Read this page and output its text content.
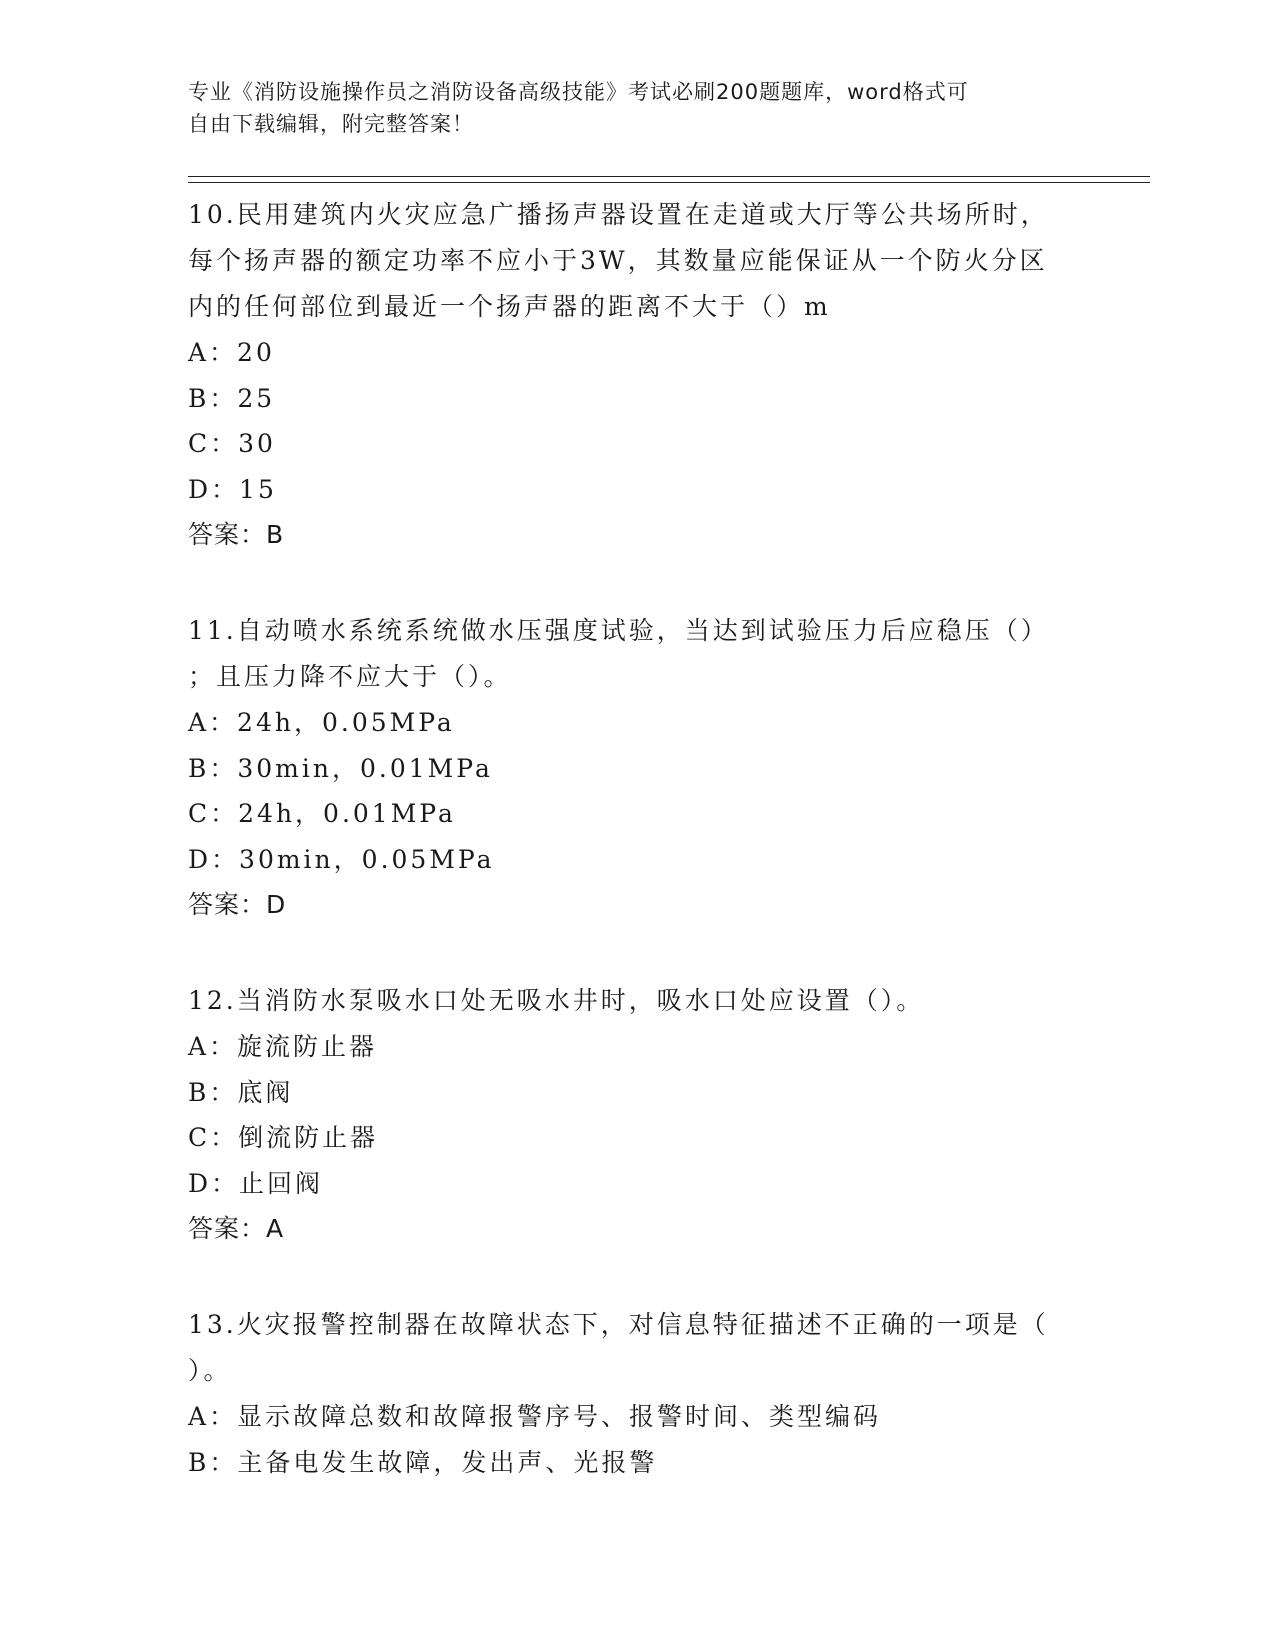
专业《消防设施操作员之消防设备高级技能》考试必刷200题题库，word格式可
自由下载编辑，附完整答案！
10.民用建筑内火灾应急广播扬声器设置在走道或大厅等公共场所时，
每个扬声器的额定功率不应小于3W，其数量应能保证从一个防火分区
内的任何部位到最近一个扬声器的距离不大于（）m
A：20
B：25
C：30
D：15
答案：B
11.自动喷水系统系统做水压强度试验，当达到试验压力后应稳压（）
；且压力降不应大于（）。
A：24h，0.05MPa
B：30min，0.01MPa
C：24h，0.01MPa
D：30min，0.05MPa
答案：D
12.当消防水泵吸水口处无吸水井时，吸水口处应设置（）。
A：旋流防止器
B：底阀
C：倒流防止器
D：止回阀
答案：A
13.火灾报警控制器在故障状态下，对信息特征描述不正确的一项是（
）。
A：显示故障总数和故障报警序号、报警时间、类型编码
B：主备电发生故障，发出声、光报警
